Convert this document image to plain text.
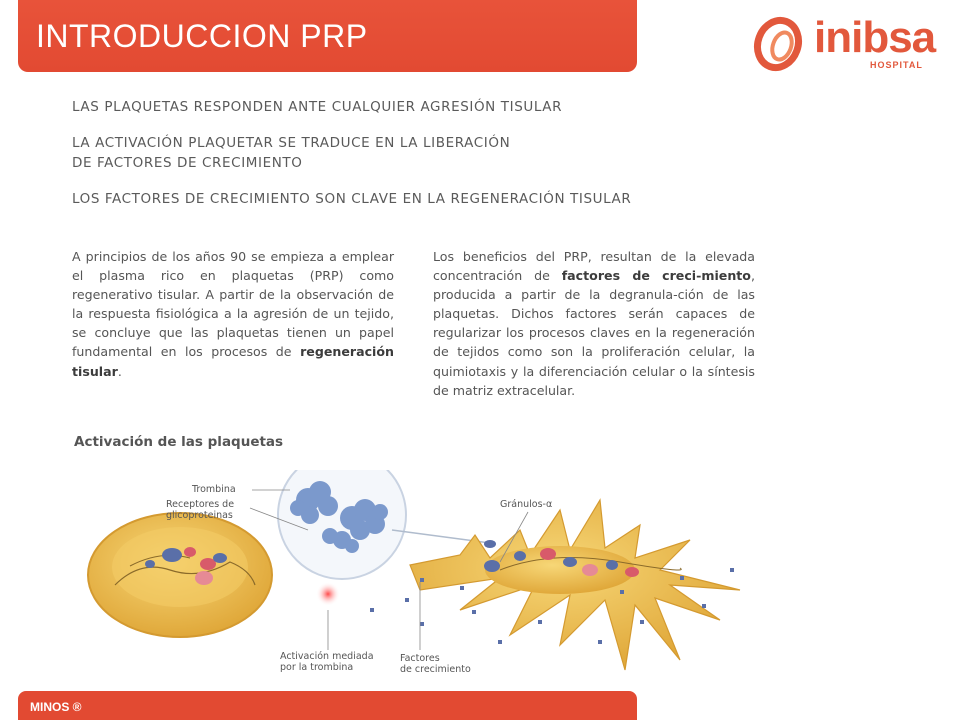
INTRODUCCION PRP	inibsa
HOSPITAL
LAS PLAQUETAS RESPONDEN ANTE CUALQUIER AGRESIÓN TISULAR
LA ACTIVACIÓN PLAQUETAR SE TRADUCE EN LA LIBERACIÓN
DE FACTORES DE CRECIMIENTO
LOS FACTORES DE CRECIMIENTO SON CLAVE EN LA REGENERACIÓN TISULAR
A principios de los años 90 se empieza a emplear el plasma rico en plaquetas (PRP) como regenerativo tisular. A partir de la observación de la respuesta fisiológica a la agresión de un tejido, se concluye que las plaquetas tienen un papel fundamental en los procesos de regeneración tisular.
Los beneficios del PRP, resultan de la elevada concentración de factores de creci-miento, producida a partir de la degranula-ción de las plaquetas. Dichos factores serán capaces de regularizar los procesos claves en la regeneración de tejidos como son la proliferación celular, la quimiotaxis y la diferenciación celular o la síntesis de matriz extracelular.
Activación de las plaquetas
Trombina
Receptores de
glicoproteinas
Gránulos-α
Activación mediada
por la trombina
Factores
de crecimiento
MINOS ®
